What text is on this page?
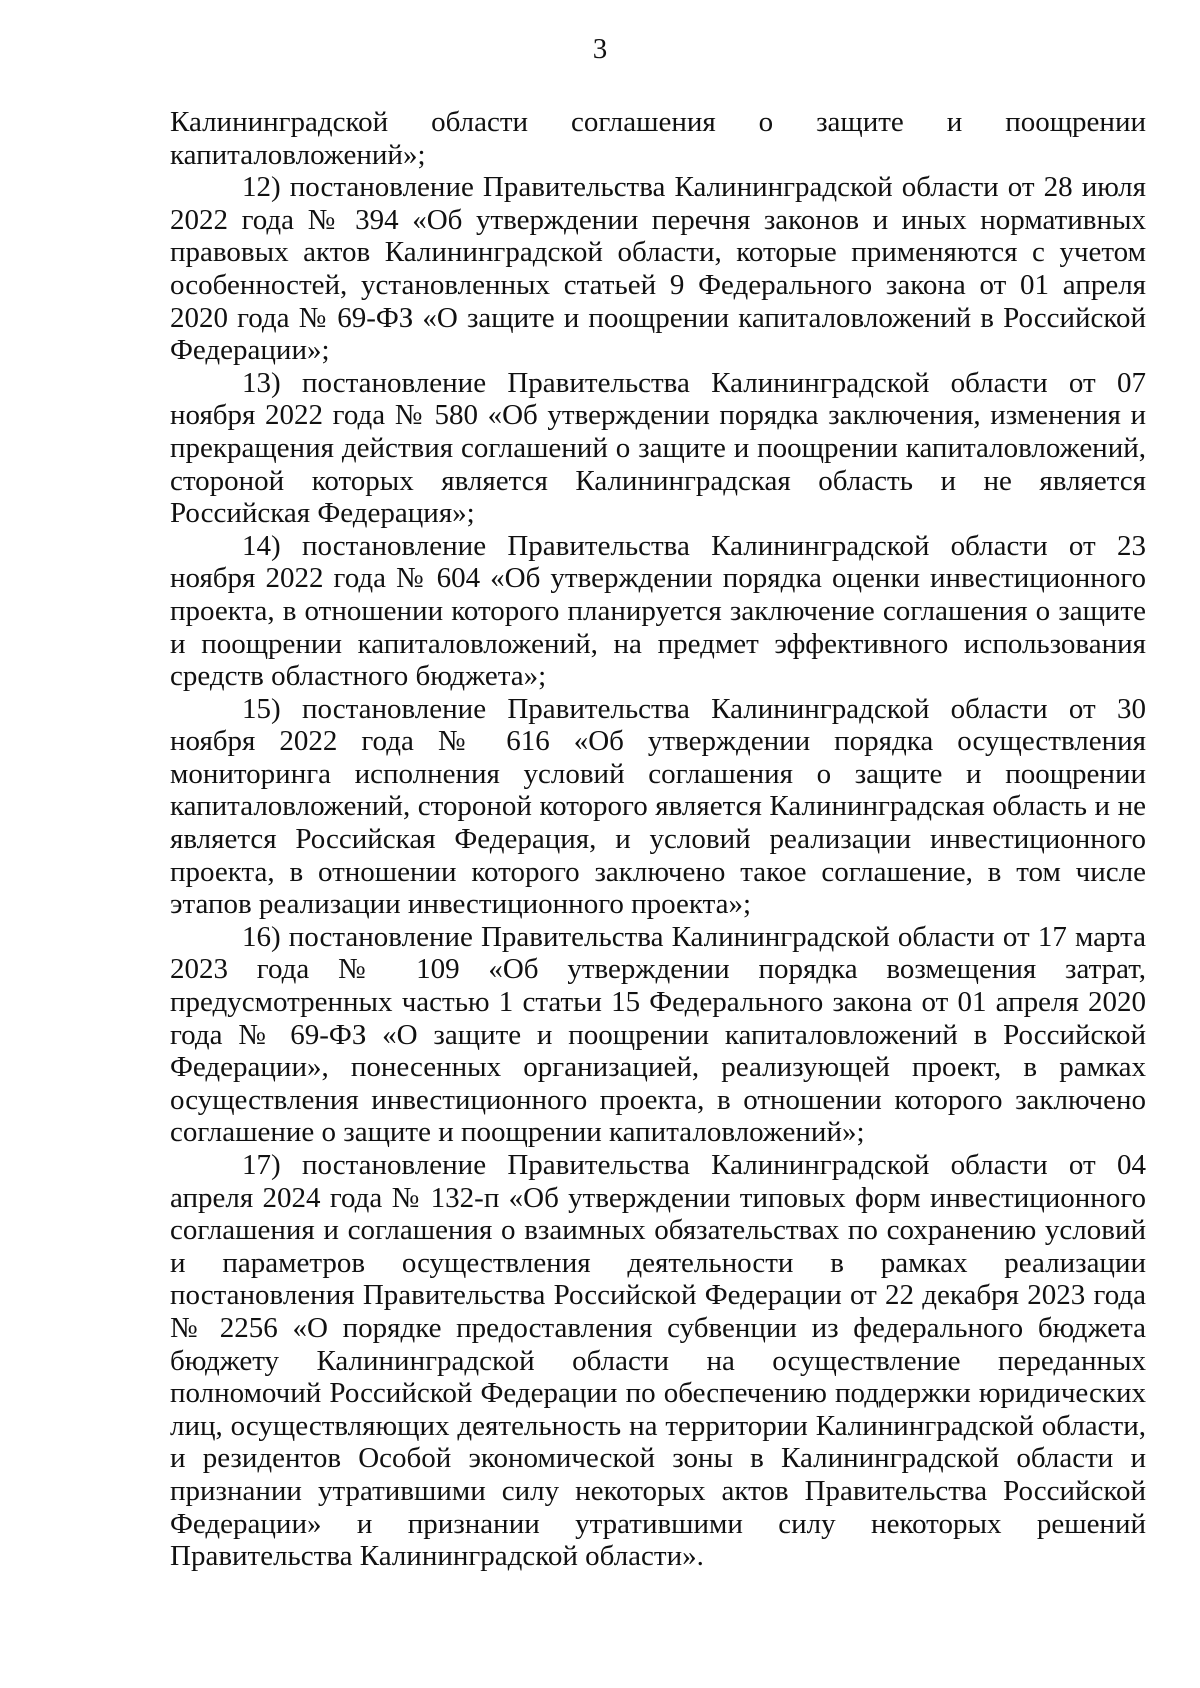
3

Калининградской области соглашения о защите и поощрении капиталовложений»;

12) постановление Правительства Калининградской области от 28 июля 2022 года № 394 «Об утверждении перечня законов и иных нормативных правовых актов Калининградской области, которые применяются с учетом особенностей, установленных статьей 9 Федерального закона от 01 апреля 2020 года № 69-ФЗ «О защите и поощрении капиталовложений в Российской Федерации»;

13) постановление Правительства Калининградской области от 07 ноября 2022 года № 580 «Об утверждении порядка заключения, изменения и прекращения действия соглашений о защите и поощрении капиталовложений, стороной которых является Калининградская область и не является Российская Федерация»;

14) постановление Правительства Калининградской области от 23 ноября 2022 года № 604 «Об утверждении порядка оценки инвестиционного проекта, в отношении которого планируется заключение соглашения о защите и поощрении капиталовложений, на предмет эффективного использования средств областного бюджета»;

15) постановление Правительства Калининградской области от 30 ноября 2022 года № 616 «Об утверждении порядка осуществления мониторинга исполнения условий соглашения о защите и поощрении капиталовложений, стороной которого является Калининградская область и не является Российская Федерация, и условий реализации инвестиционного проекта, в отношении которого заключено такое соглашение, в том числе этапов реализации инвестиционного проекта»;

16) постановление Правительства Калининградской области от 17 марта 2023 года № 109 «Об утверждении порядка возмещения затрат, предусмотренных частью 1 статьи 15 Федерального закона от 01 апреля 2020 года № 69-ФЗ «О защите и поощрении капиталовложений в Российской Федерации», понесенных организацией, реализующей проект, в рамках осуществления инвестиционного проекта, в отношении которого заключено соглашение о защите и поощрении капиталовложений»;

17) постановление Правительства Калининградской области от 04 апреля 2024 года № 132-п «Об утверждении типовых форм инвестиционного соглашения и соглашения о взаимных обязательствах по сохранению условий и параметров осуществления деятельности в рамках реализации постановления Правительства Российской Федерации от 22 декабря 2023 года № 2256 «О порядке предоставления субвенции из федерального бюджета бюджету Калининградской области на осуществление переданных полномочий Российской Федерации по обеспечению поддержки юридических лиц, осуществляющих деятельность на территории Калининградской области, и резидентов Особой экономической зоны в Калининградской области и признании утратившими силу некоторых актов Правительства Российской Федерации» и признании утратившими силу некоторых решений Правительства Калининградской области».
